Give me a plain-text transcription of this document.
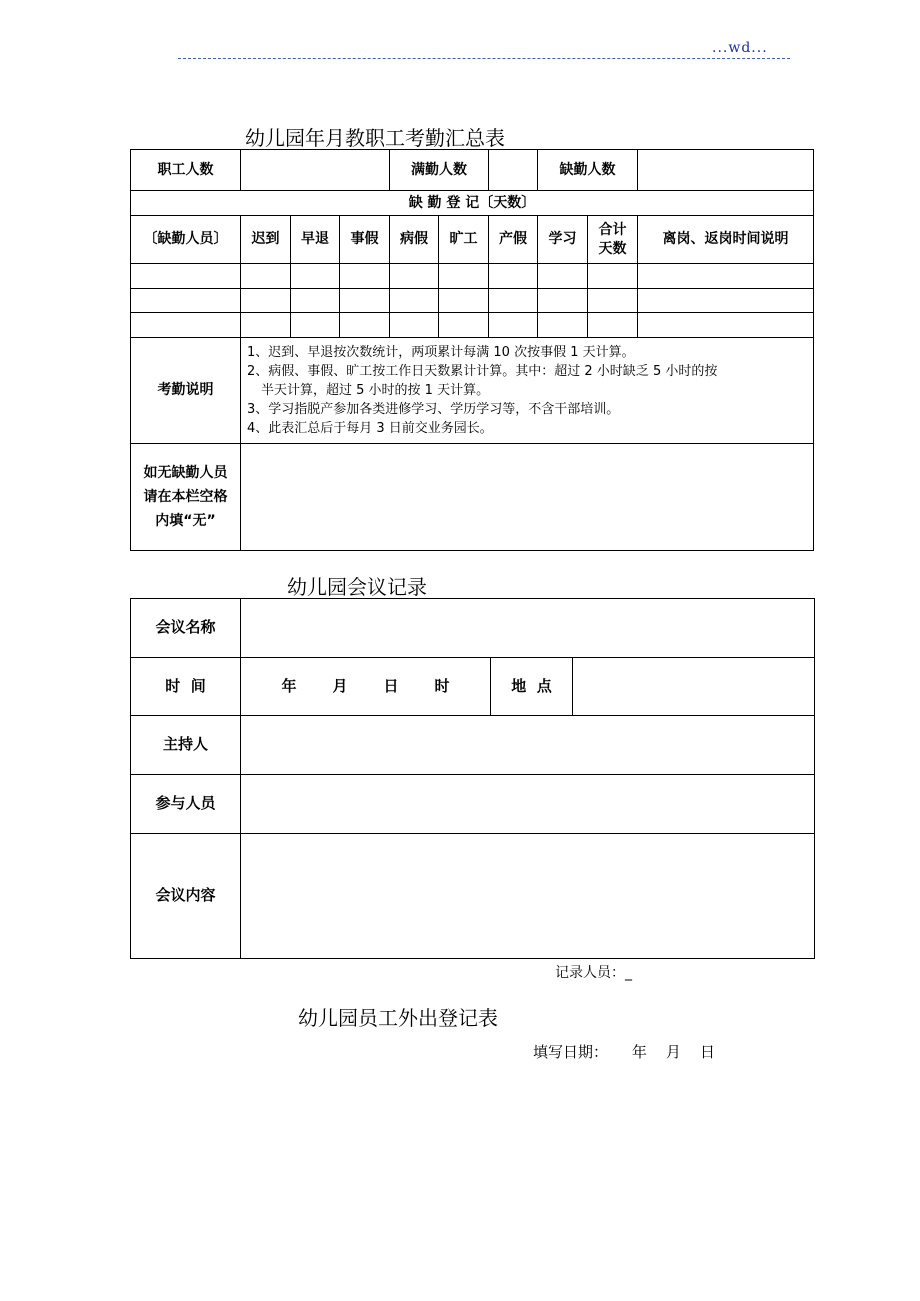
...wd...
幼儿园年月教职工考勤汇总表
职工人数				满勤人数			缺勤人数		
缺 勤 登 记〔天数〕									
〔缺勤人员〕	迟到	早退	事假	病假	旷工	产假	学习	合计天数	离岗、返岗时间说明

考勤说明	1、迟到、早退按次数统计，两项累计每满 10 次按事假 1 天计算。
2、病假、事假、旷工按工作日天数累计计算。其中：超过 2 小时缺乏 5 小时的按
半天计算，超过 5 小时的按 1 天计算。
3、学习指脱产参加各类进修学习、学历学习等，不含干部培训。
4、此表汇总后于每月 3 日前交业务园长。								

如无缺勤人员
请在本栏空格
内填“无”									

幼儿园会议记录
会议名称			
时  间	年 月 日 时	地  点	
主持人			
参与人员			
会议内容			
记录人员：_
幼儿园员工外出登记表
填写日期：     年    月    日
